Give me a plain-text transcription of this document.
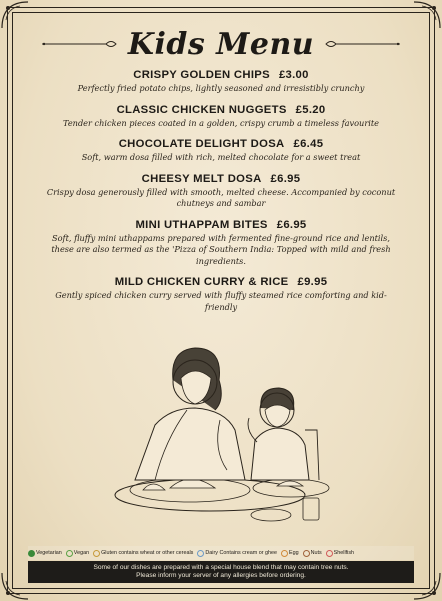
Kids Menu
CRISPY GOLDEN CHIPS £3.00
Perfectly fried potato chips, lightly seasoned and irresistibly crunchy
CLASSIC CHICKEN NUGGETS £5.20
Tender chicken pieces coated in a golden, crispy crumb a timeless favourite
CHOCOLATE DELIGHT DOSA £6.45
Soft, warm dosa filled with rich, melted chocolate for a sweet treat
CHEESY MELT DOSA £6.95
Crispy dosa generously filled with smooth, melted cheese. Accompanied by coconut chutneys and sambar
MINI UTHAPPAM BITES £6.95
Soft, fluffy mini uthappams prepared with fermented fine-ground rice and lentils, these are also termed as the 'Pizza of Southern India: Topped with mild and fresh ingredients.
MILD CHICKEN CURRY & RICE £9.95
Gently spiced chicken curry served with fluffy steamed rice comforting and kid-friendly
Vegetarian Vegan Gluten contains wheat or other cereals Dairy Contains cream or ghee Egg Nuts Shellfish
Some of our dishes are prepared with a special house blend that may contain tree nuts.
Please inform your server of any allergies before ordering.
